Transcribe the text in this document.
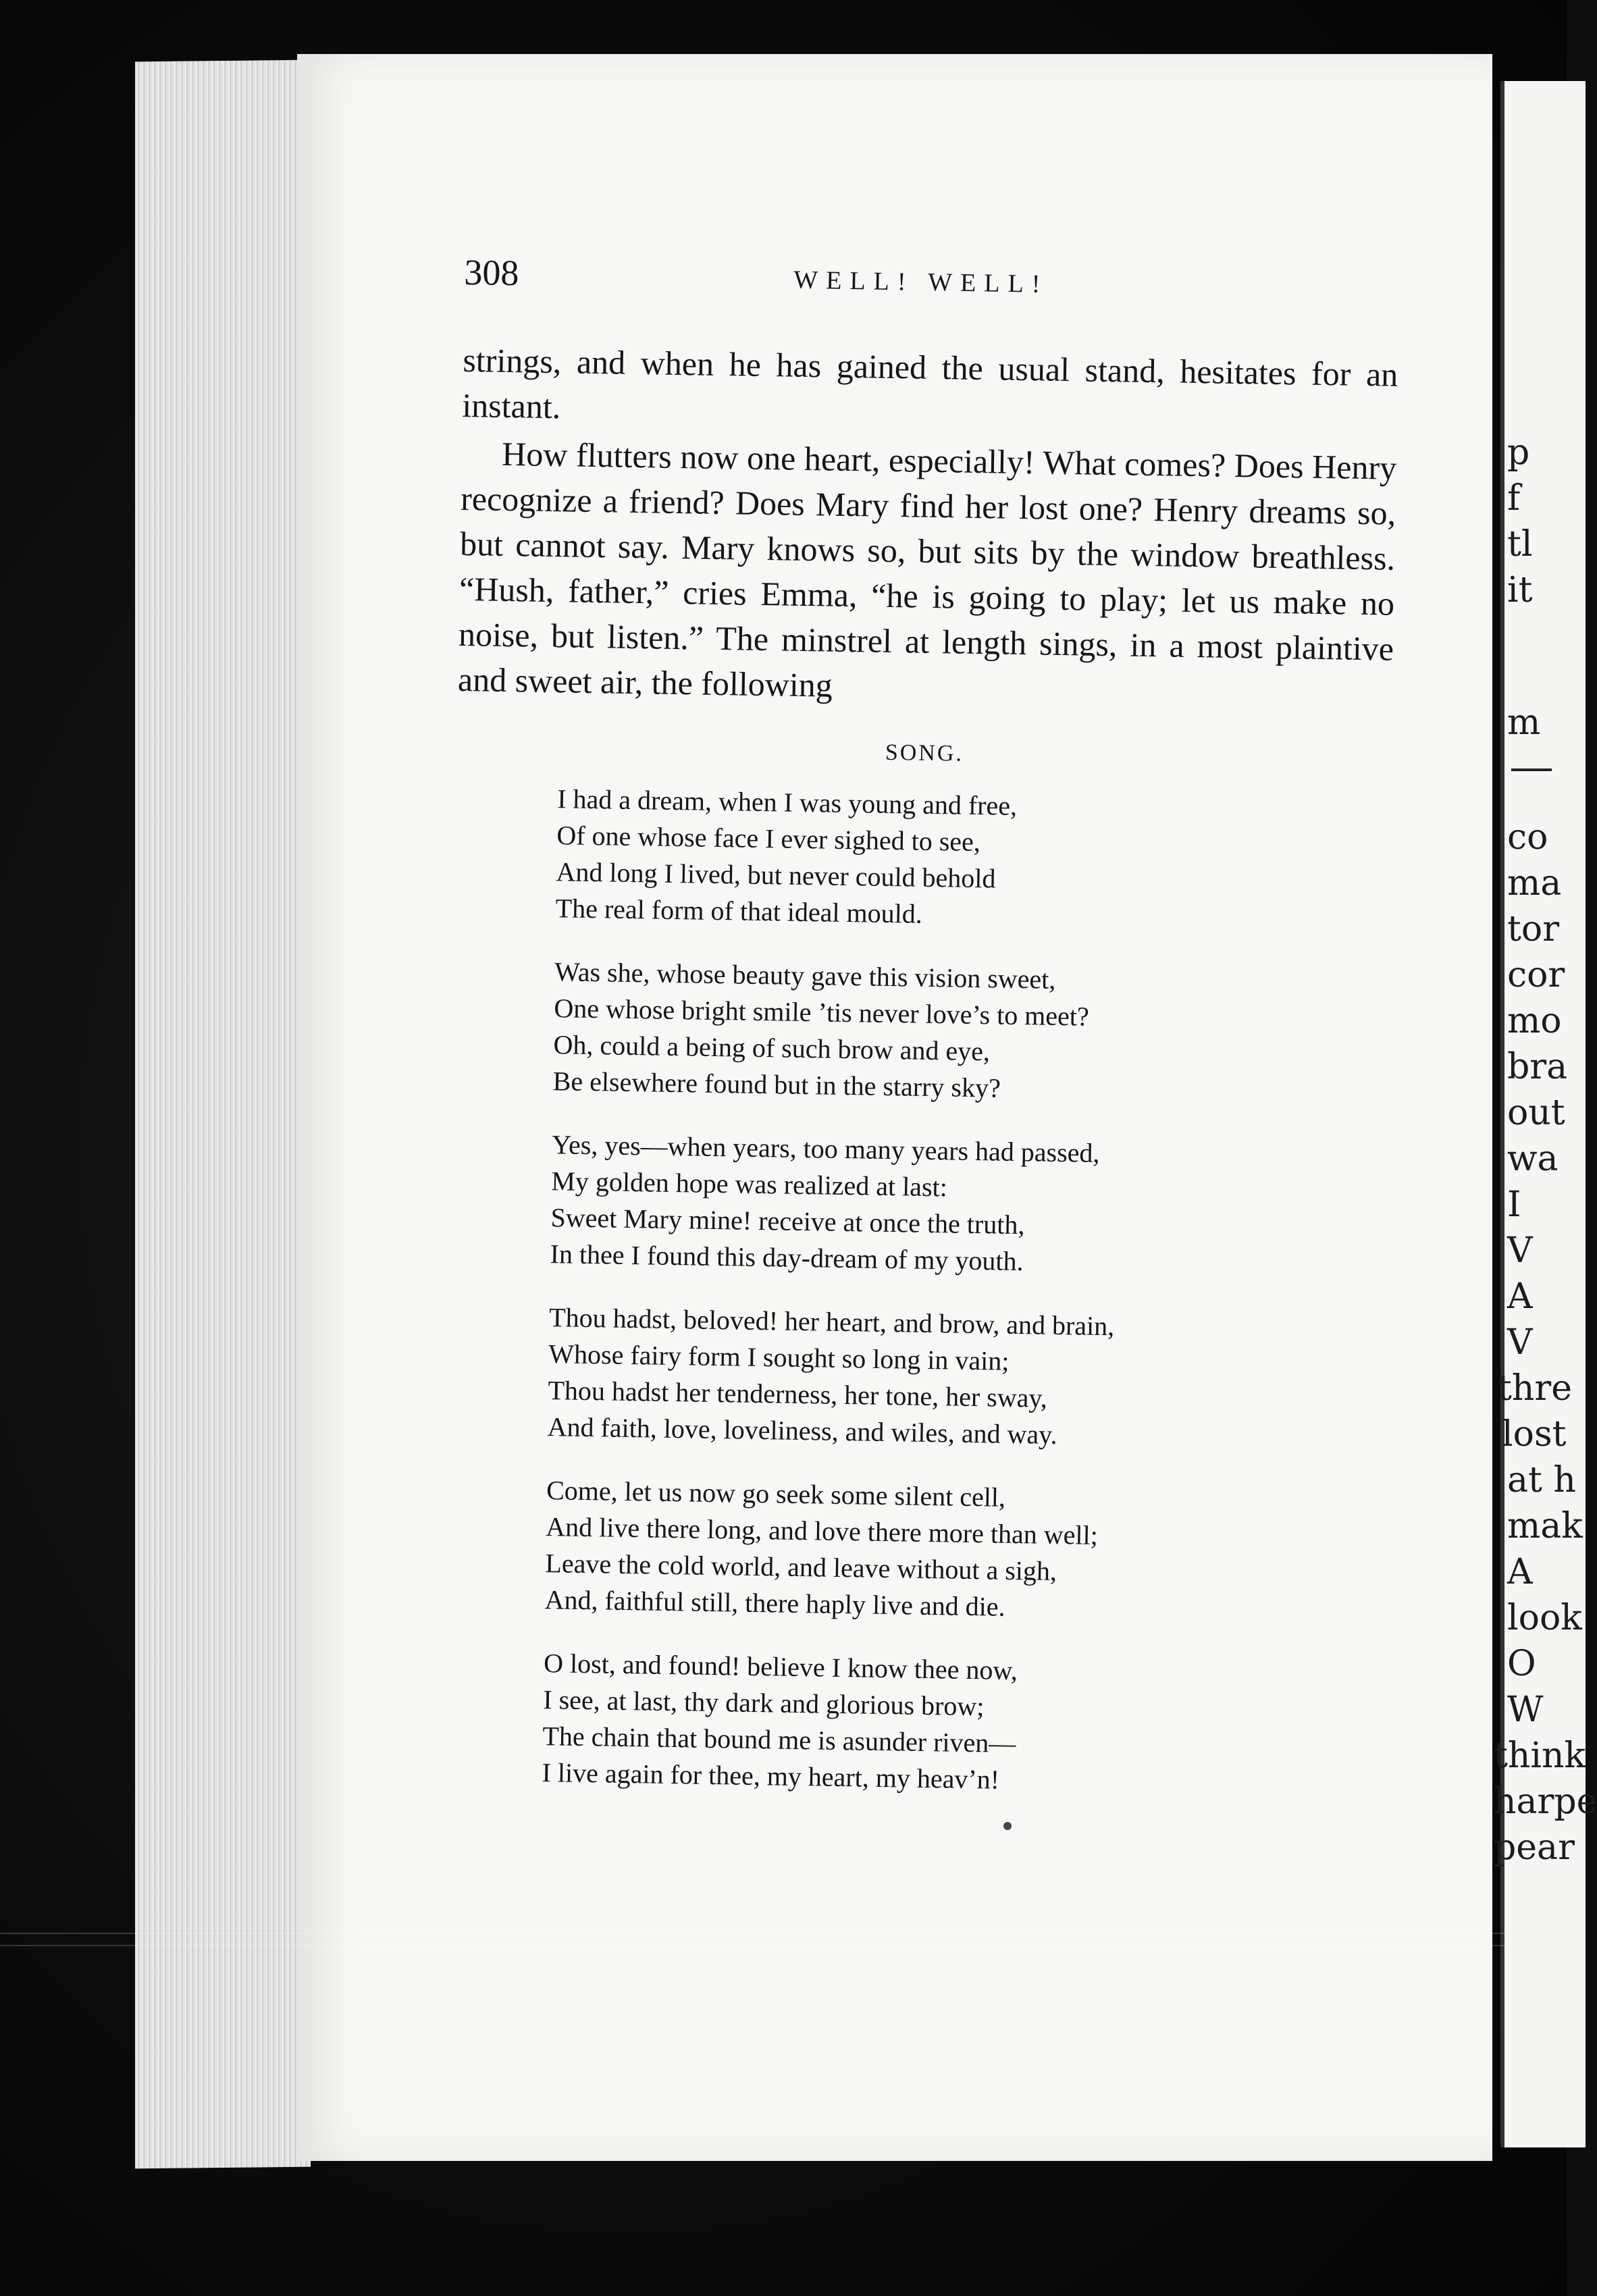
308	WELL! WELL!

strings, and when he has gained the usual stand, hesitates for an instant.

How flutters now one heart, especially! What comes? Does Henry recognize a friend? Does Mary find her lost one? Henry dreams so, but cannot say. Mary knows so, but sits by the window breathless. “Hush, father,” cries Emma, “he is going to play; let us make no noise, but listen.” The minstrel at length sings, in a most plaintive and sweet air, the following

SONG.
I had a dream, when I was young and free,
Of one whose face I ever sighed to see,
And long I lived, but never could behold
The real form of that ideal mould.
Was she, whose beauty gave this vision sweet,
One whose bright smile ’tis never love’s to meet?
Oh, could a being of such brow and eye,
Be elsewhere found but in the starry sky?
Yes, yes—when years, too many years had passed,
My golden hope was realized at last:
Sweet Mary mine! receive at once the truth,
In thee I found this day-dream of my youth.
Thou hadst, beloved! her heart, and brow, and brain,
Whose fairy form I sought so long in vain;
Thou hadst her tenderness, her tone, her sway,
And faith, love, loveliness, and wiles, and way.
Come, let us now go seek some silent cell,
And live there long, and love there more than well;
Leave the cold world, and leave without a sigh,
And, faithful still, there haply live and die.
O lost, and found! believe I know thee now,
I see, at last, thy dark and glorious brow;
The chain that bound me is asunder riven—
I live again for thee, my heart, my heav’n!
p
f
tl
it
m
co
ma
tor
cor
mo
bra
out
wa
I
V
A
V
thre
lost
at h
mak
A
look
O
W
think
harpe
pear
